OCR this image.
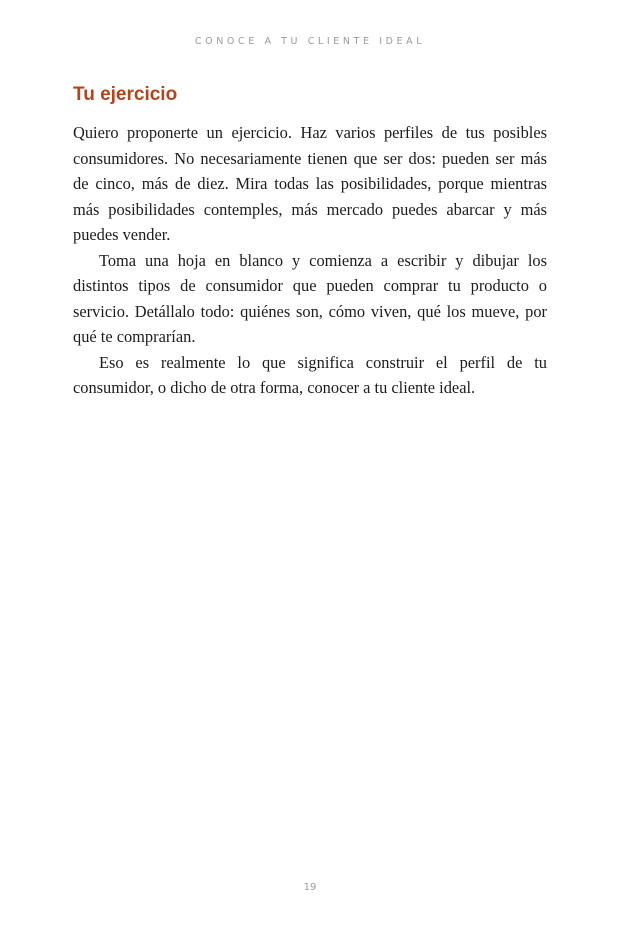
CONOCE A TU CLIENTE IDEAL
Tu ejercicio

Quiero proponerte un ejercicio. Haz varios perfiles de tus posibles consumidores. No necesariamente tienen que ser dos: pueden ser más de cinco, más de diez. Mira todas las posibilidades, porque mientras más posibilidades contemples, más mercado puedes abarcar y más puedes vender.

Toma una hoja en blanco y comienza a escribir y dibujar los distintos tipos de consumidor que pueden comprar tu producto o servicio. Detállalo todo: quiénes son, cómo viven, qué los mueve, por qué te comprarían.

Eso es realmente lo que significa construir el perfil de tu consumidor, o dicho de otra forma, conocer a tu cliente ideal.

19
